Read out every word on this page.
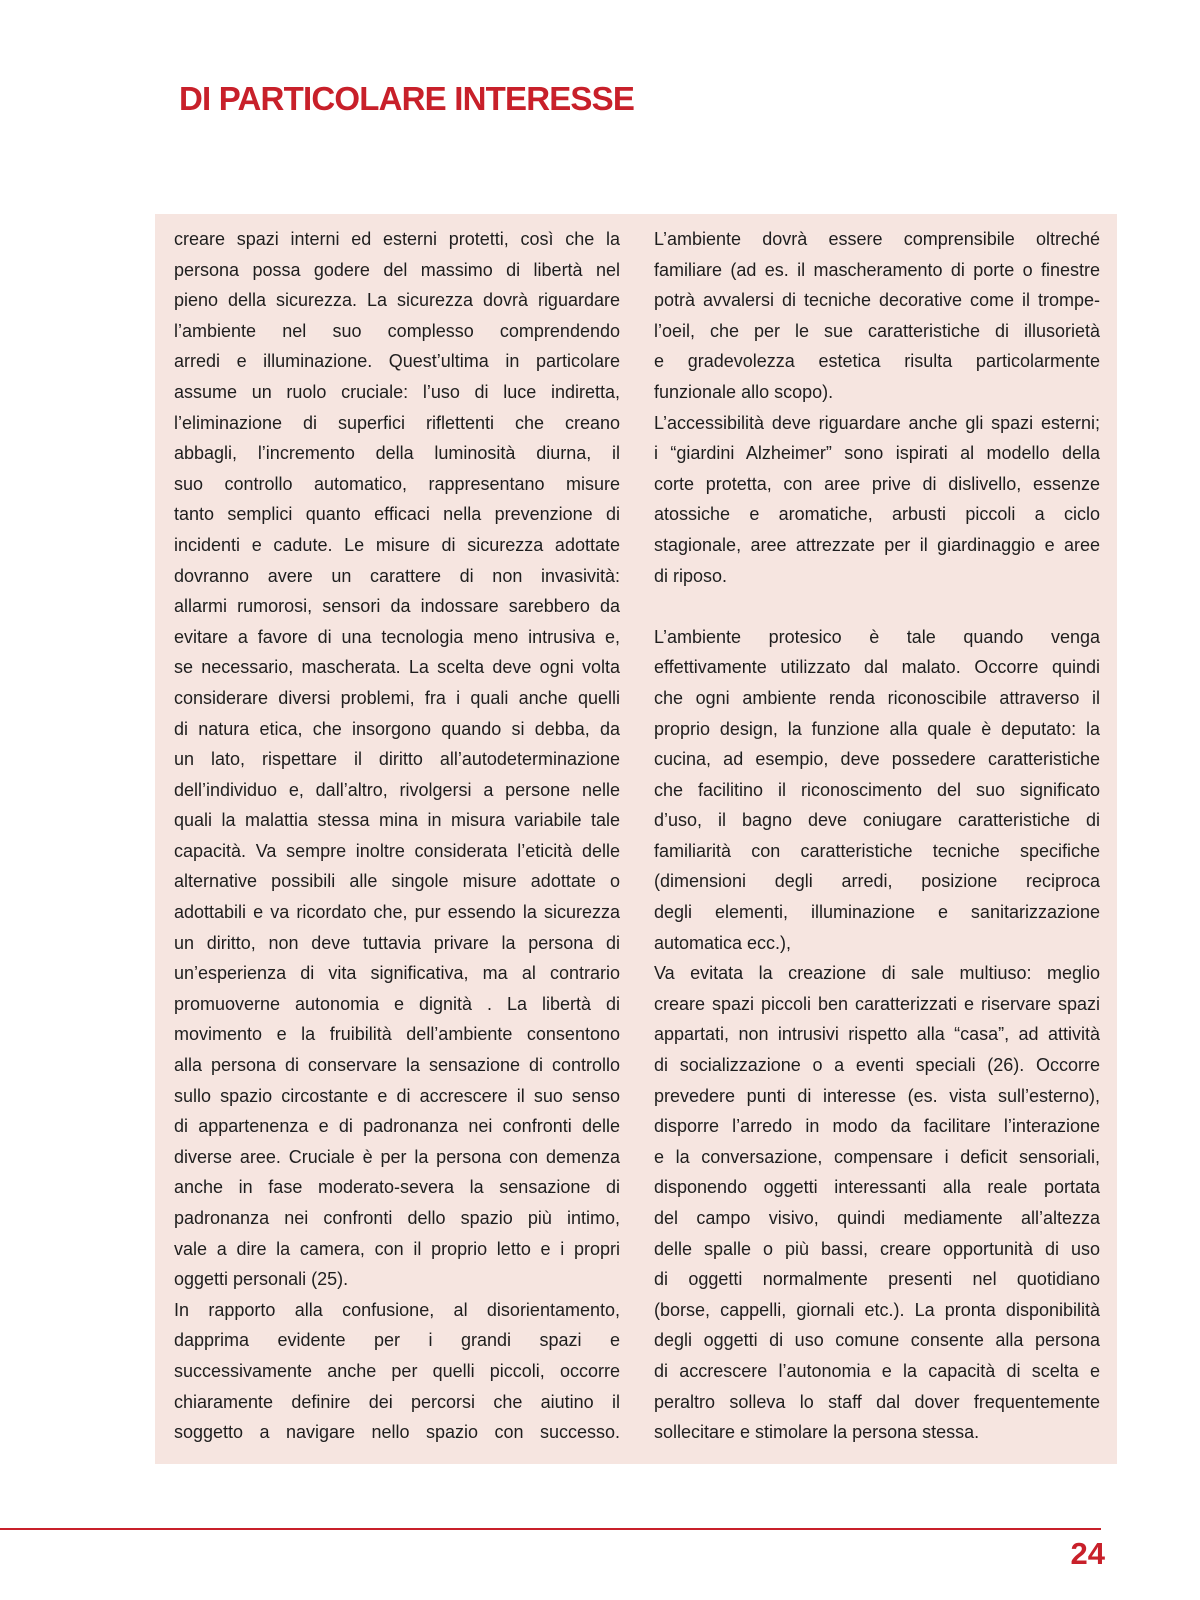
DI PARTICOLARE INTERESSE

creare spazi interni ed esterni protetti, così che la

persona possa godere del massimo di libertà nel

pieno della sicurezza. La sicurezza dovrà riguardare

l’ambiente nel suo complesso comprendendo

arredi e illuminazione. Quest’ultima in particolare

assume un ruolo cruciale: l’uso di luce indiretta,

l’eliminazione di superfici riflettenti che creano

abbagli, l’incremento della luminosità diurna, il

suo controllo automatico, rappresentano misure

tanto semplici quanto efficaci nella prevenzione di

incidenti e cadute. Le misure di sicurezza adottate

dovranno avere un carattere di non invasività:

allarmi rumorosi, sensori da indossare sarebbero da

evitare a favore di una tecnologia meno intrusiva e,

se necessario, mascherata. La scelta deve ogni volta

considerare diversi problemi, fra i quali anche quelli

di natura etica, che insorgono quando si debba, da

un lato, rispettare il diritto all’autodeterminazione

dell’individuo e, dall’altro, rivolgersi a persone nelle

quali la malattia stessa mina in misura variabile tale

capacità. Va sempre inoltre considerata l’eticità delle

alternative possibili alle singole misure adottate o

adottabili e va ricordato che, pur essendo la sicurezza

un diritto, non deve tuttavia privare la persona di

un’esperienza di vita significativa, ma al contrario

promuoverne autonomia e dignità . La libertà di

movimento e la fruibilità dell’ambiente consentono

alla persona di conservare la sensazione di controllo

sullo spazio circostante e di accrescere il suo senso

di appartenenza e di padronanza nei confronti delle

diverse aree. Cruciale è per la persona con demenza

anche in fase moderato-severa la sensazione di

padronanza nei confronti dello spazio più intimo,

vale a dire la camera, con il proprio letto e i propri

oggetti personali (25).

In rapporto alla confusione, al disorientamento,

dapprima evidente per i grandi spazi e

successivamente anche per quelli piccoli, occorre

chiaramente definire dei percorsi che aiutino il

soggetto a navigare nello spazio con successo.

L’ambiente dovrà essere comprensibile oltreché

familiare (ad es. il mascheramento di porte o finestre

potrà avvalersi di tecniche decorative come il trompe-

l’oeil, che per le sue caratteristiche di illusorietà

e gradevolezza estetica risulta particolarmente

funzionale allo scopo).

L’accessibilità deve riguardare anche gli spazi esterni;

i “giardini Alzheimer” sono ispirati al modello della

corte protetta, con aree prive di dislivello, essenze

atossiche e aromatiche, arbusti piccoli a ciclo

stagionale, aree attrezzate per il giardinaggio e aree

di riposo.

L’ambiente protesico è tale quando venga

effettivamente utilizzato dal malato. Occorre quindi

che ogni ambiente renda riconoscibile attraverso il

proprio design, la funzione alla quale è deputato: la

cucina, ad esempio, deve possedere caratteristiche

che facilitino il riconoscimento del suo significato

d’uso, il bagno deve coniugare caratteristiche di

familiarità con caratteristiche tecniche specifiche

(dimensioni degli arredi, posizione reciproca

degli elementi, illuminazione e sanitarizzazione

automatica ecc.),

Va evitata la creazione di sale multiuso: meglio

creare spazi piccoli ben caratterizzati e riservare spazi

appartati, non intrusivi rispetto alla “casa”, ad attività

di socializzazione o a eventi speciali (26). Occorre

prevedere punti di interesse (es. vista sull’esterno),

disporre l’arredo in modo da facilitare l’interazione

e la conversazione, compensare i deficit sensoriali,

disponendo oggetti interessanti alla reale portata

del campo visivo, quindi mediamente all’altezza

delle spalle o più bassi, creare opportunità di uso

di oggetti normalmente presenti nel quotidiano

(borse, cappelli, giornali etc.). La pronta disponibilità

degli oggetti di uso comune consente alla persona

di accrescere l’autonomia e la capacità di scelta e

peraltro solleva lo staff dal dover frequentemente

sollecitare e stimolare la persona stessa.

24
